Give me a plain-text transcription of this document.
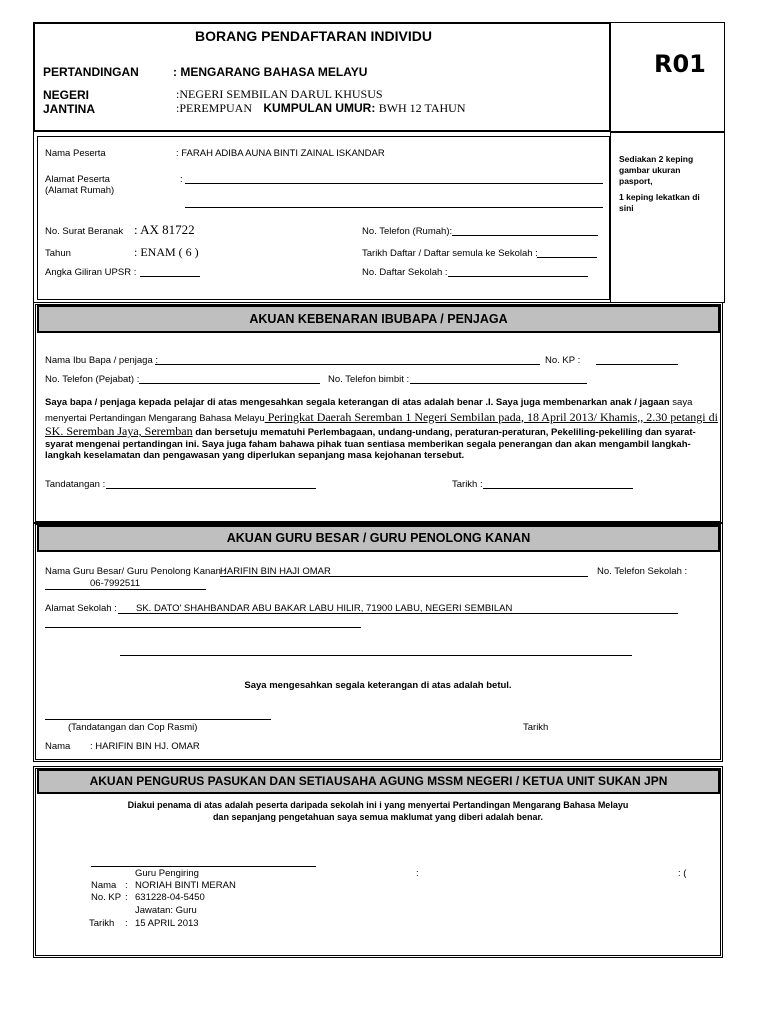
BORANG PENDAFTARAN INDIVIDU
R01
PERTANDINGAN	: MENGARANG BAHASA MELAYU
NEGERI	:NEGERI SEMBILAN DARUL KHUSUS
JANTINA	:PEREMPUAN KUMPULAN UMUR: BWH 12 TAHUN
Nama Peserta	: FARAH ADIBA AUNA BINTI ZAINAL ISKANDAR
Alamat Peserta
(Alamat Rumah)
:
No. Surat Beranak : AX 81722
Tahun	: ENAM ( 6 )
Angka Giliran UPSR :
No. Telefon (Rumah):
Tarikh Daftar / Daftar semula ke Sekolah :
No. Daftar Sekolah :
Sediakan 2 keping
gambar ukuran
pasport,
1 keping lekatkan di
sini
AKUAN KEBENARAN IBUBAPA / PENJAGA
Nama Ibu Bapa / penjaga :	No. KP :
No. Telefon (Pejabat) :	No. Telefon bimbit :
Saya bapa / penjaga kepada pelajar di atas mengesahkan segala keterangan di atas adalah benar .I. Saya juga membenarkan anak / jagaan saya
menyertai Pertandingan Mengarang Bahasa Melayu Peringkat Daerah Seremban 1 Negeri Sembilan pada, 18 April 2013/ Khamis,, 2.30 petangi di
SK. Seremban Jaya, Seremban dan bersetuju mematuhi Perlembagaan, undang-undang, peraturan-peraturan, Pekeliling-pekeliling dan syarat-
syarat mengenai pertandingan ini. Saya juga faham bahawa pihak tuan sentiasa memberikan segala penerangan dan akan mengambil langkah-
langkah keselamatan dan pengawasan yang diperlukan sepanjang masa kejohanan tersebut.
Tandatangan :	Tarikh :
AKUAN GURU BESAR / GURU PENOLONG KANAN
Nama Guru Besar/ Guru Penolong Kanan :
HARIFIN BIN HAJI OMAR	No. Telefon Sekolah :
06-7992511
Alamat Sekolah : SK. DATO' SHAHBANDAR ABU BAKAR LABU HILIR, 71900 LABU, NEGERI SEMBILAN
Saya mengesahkan segala keterangan di atas adalah betul.
(Tandatangan dan Cop Rasmi)	Tarikh
Nama : HARIFIN BIN HJ. OMAR
AKUAN PENGURUS PASUKAN DAN SETIAUSAHA AGUNG MSSM NEGERI / KETUA UNIT SUKAN JPN
Diakui penama di atas adalah peserta daripada sekolah ini i yang menyertai Pertandingan Mengarang Bahasa Melayu
dan sepanjang pengetahuan saya semua maklumat yang diberi adalah benar.
Guru Pengiring	:	: (
Nama : NORIAH BINTI MERAN
No. KP : 631228-04-5450
Jawatan: Guru
Tarikh : 15 APRIL 2013
